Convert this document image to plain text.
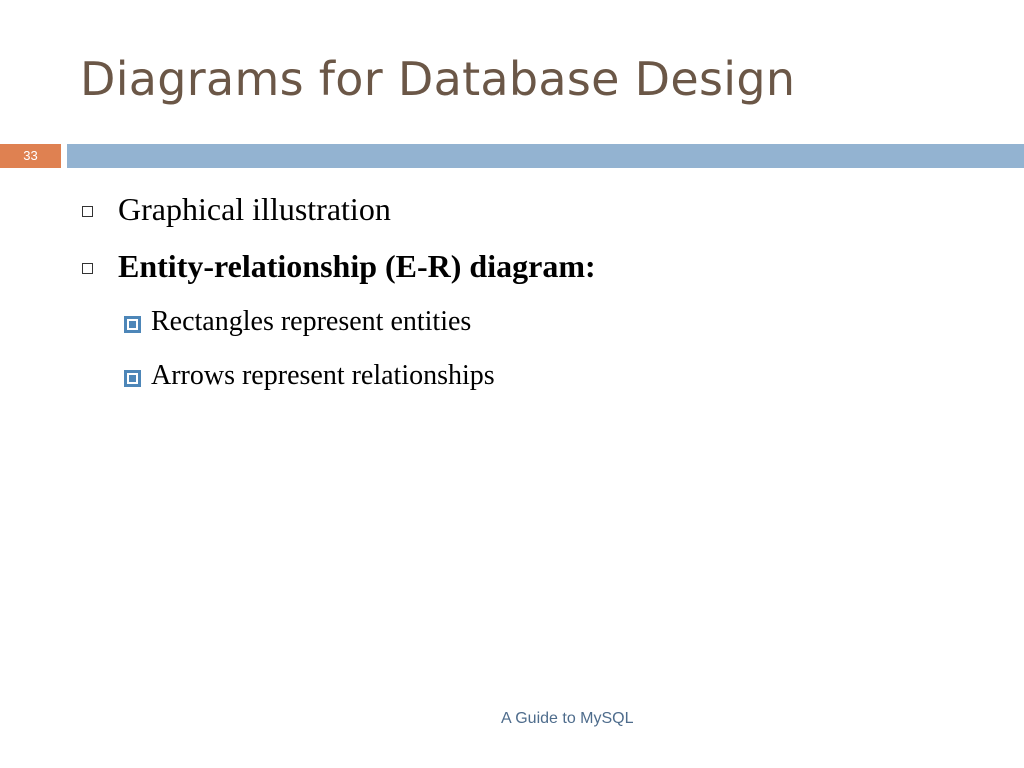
Diagrams for Database Design
33
Graphical illustration
Entity-relationship (E-R) diagram:
Rectangles represent entities
Arrows represent relationships
A Guide to MySQL
